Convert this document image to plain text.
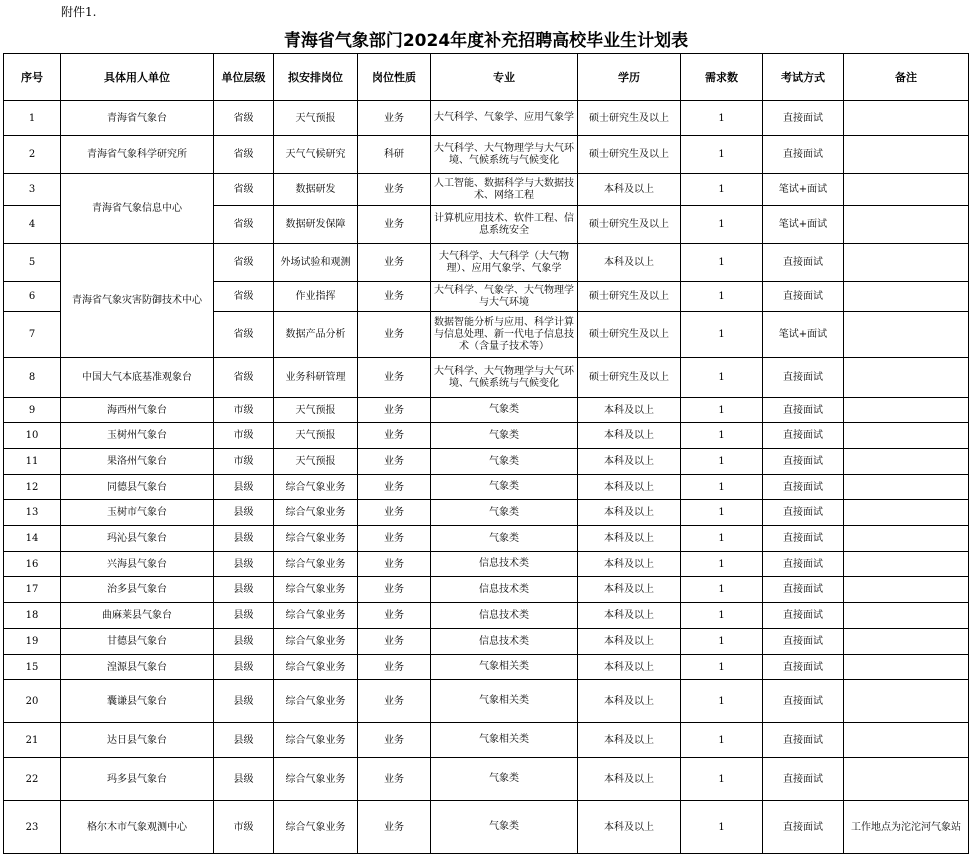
附件1.
青海省气象部门2024年度补充招聘高校毕业生计划表
序号	具体用人单位	单位层级	拟安排岗位	岗位性质	专业	学历	需求数	考试方式	备注
1	青海省气象台	省级	天气预报	业务	大气科学、气象学、应用气象学	硕士研究生及以上	1	直接面试	
2	青海省气象科学研究所	省级	天气气候研究	科研	大气科学、大气物理学与大气环境、气候系统与气候变化	硕士研究生及以上	1	直接面试	
3	青海省气象信息中心	省级	数据研发	业务	人工智能、数据科学与大数据技术、网络工程	本科及以上	1	笔试+面试	
4		省级	数据研发保障	业务	计算机应用技术、软件工程、信息系统安全	硕士研究生及以上	1	笔试+面试	
5	青海省气象灾害防御技术中心	省级	外场试验和观测	业务	大气科学、大气科学（大气物理）、应用气象学、气象学	本科及以上	1	直接面试	
6		省级	作业指挥	业务	大气科学、气象学、大气物理学与大气环境	硕士研究生及以上	1	直接面试	
7		省级	数据产品分析	业务	数据智能分析与应用、科学计算与信息处理、新一代电子信息技术（含量子技术等）	硕士研究生及以上	1	笔试+面试	
8	中国大气本底基准观象台	省级	业务科研管理	业务	大气科学、大气物理学与大气环境、气候系统与气候变化	硕士研究生及以上	1	直接面试	
9	海西州气象台	市级	天气预报	业务	气象类	本科及以上	1	直接面试	
10	玉树州气象台	市级	天气预报	业务	气象类	本科及以上	1	直接面试	
11	果洛州气象台	市级	天气预报	业务	气象类	本科及以上	1	直接面试	
12	同德县气象台	县级	综合气象业务	业务	气象类	本科及以上	1	直接面试	
13	玉树市气象台	县级	综合气象业务	业务	气象类	本科及以上	1	直接面试	
14	玛沁县气象台	县级	综合气象业务	业务	气象类	本科及以上	1	直接面试	
16	兴海县气象台	县级	综合气象业务	业务	信息技术类	本科及以上	1	直接面试	
17	治多县气象台	县级	综合气象业务	业务	信息技术类	本科及以上	1	直接面试	
18	曲麻莱县气象台	县级	综合气象业务	业务	信息技术类	本科及以上	1	直接面试	
19	甘德县气象台	县级	综合气象业务	业务	信息技术类	本科及以上	1	直接面试	
15	湟源县气象台	县级	综合气象业务	业务	气象相关类	本科及以上	1	直接面试	
20	囊谦县气象台	县级	综合气象业务	业务	气象相关类	本科及以上	1	直接面试	
21	达日县气象台	县级	综合气象业务	业务	气象相关类	本科及以上	1	直接面试	
22	玛多县气象台	县级	综合气象业务	业务	气象类	本科及以上	1	直接面试	
23	格尔木市气象观测中心	市级	综合气象业务	业务	气象类	本科及以上	1	直接面试	工作地点为沱沱河气象站
